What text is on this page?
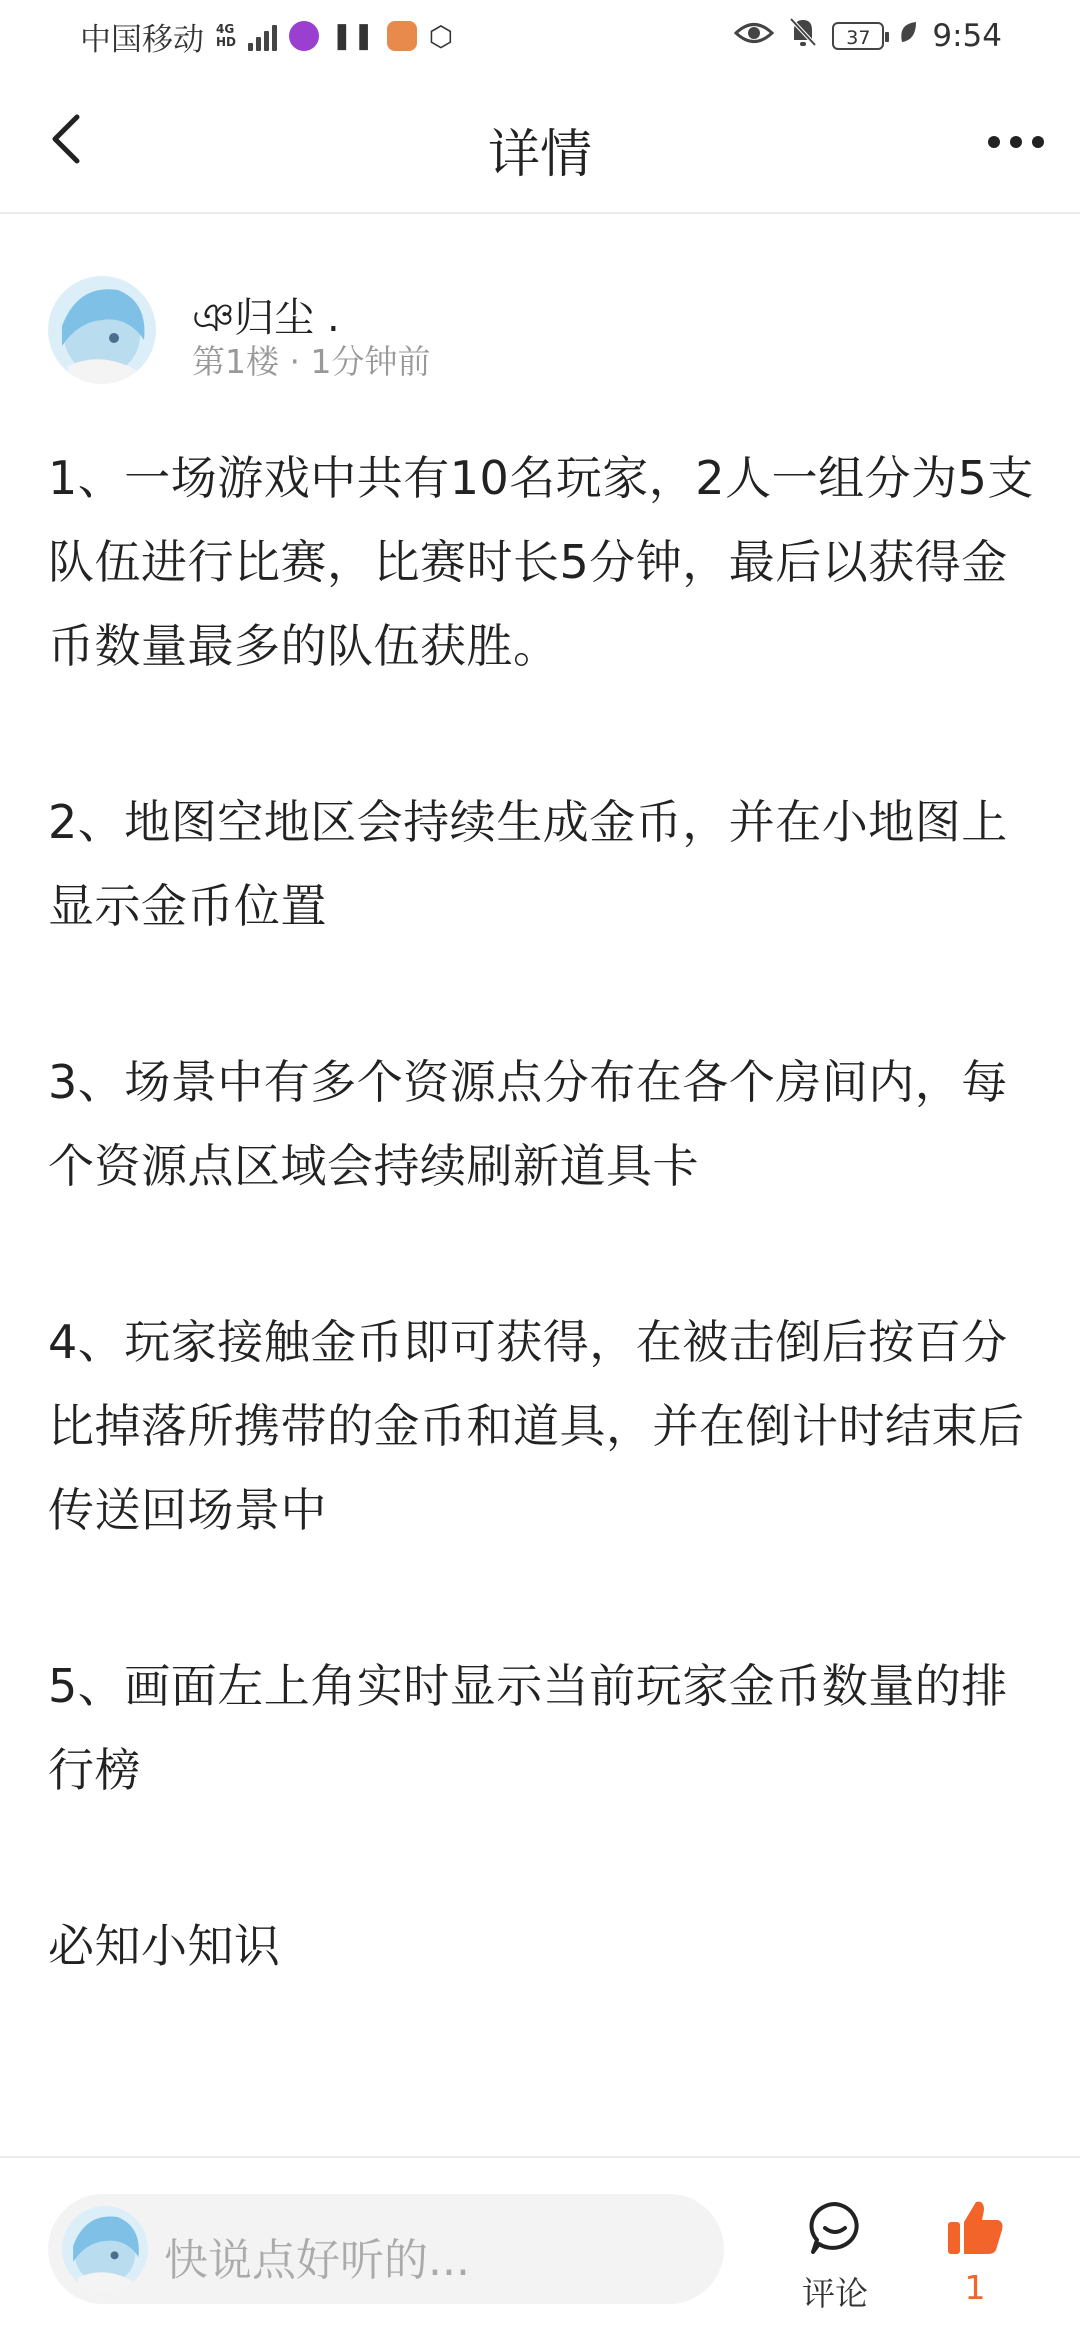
中国移动 4G
HD	❚❚ ⬡	37	9:54
详情
ঞ归尘 .
第1楼 · 1分钟前

1、一场游戏中共有10名玩家，2人一组分为5支队伍进行比赛，比赛时长5分钟，最后以获得金币数量最多的队伍获胜。

2、地图空地区会持续生成金币，并在小地图上显示金币位置

3、场景中有多个资源点分布在各个房间内，每个资源点区域会持续刷新道具卡

4、玩家接触金币即可获得，在被击倒后按百分比掉落所携带的金币和道具，并在倒计时结束后传送回场景中

5、画面左上角实时显示当前玩家金币数量的排行榜

必知小知识

快说点好听的...
评论	1
